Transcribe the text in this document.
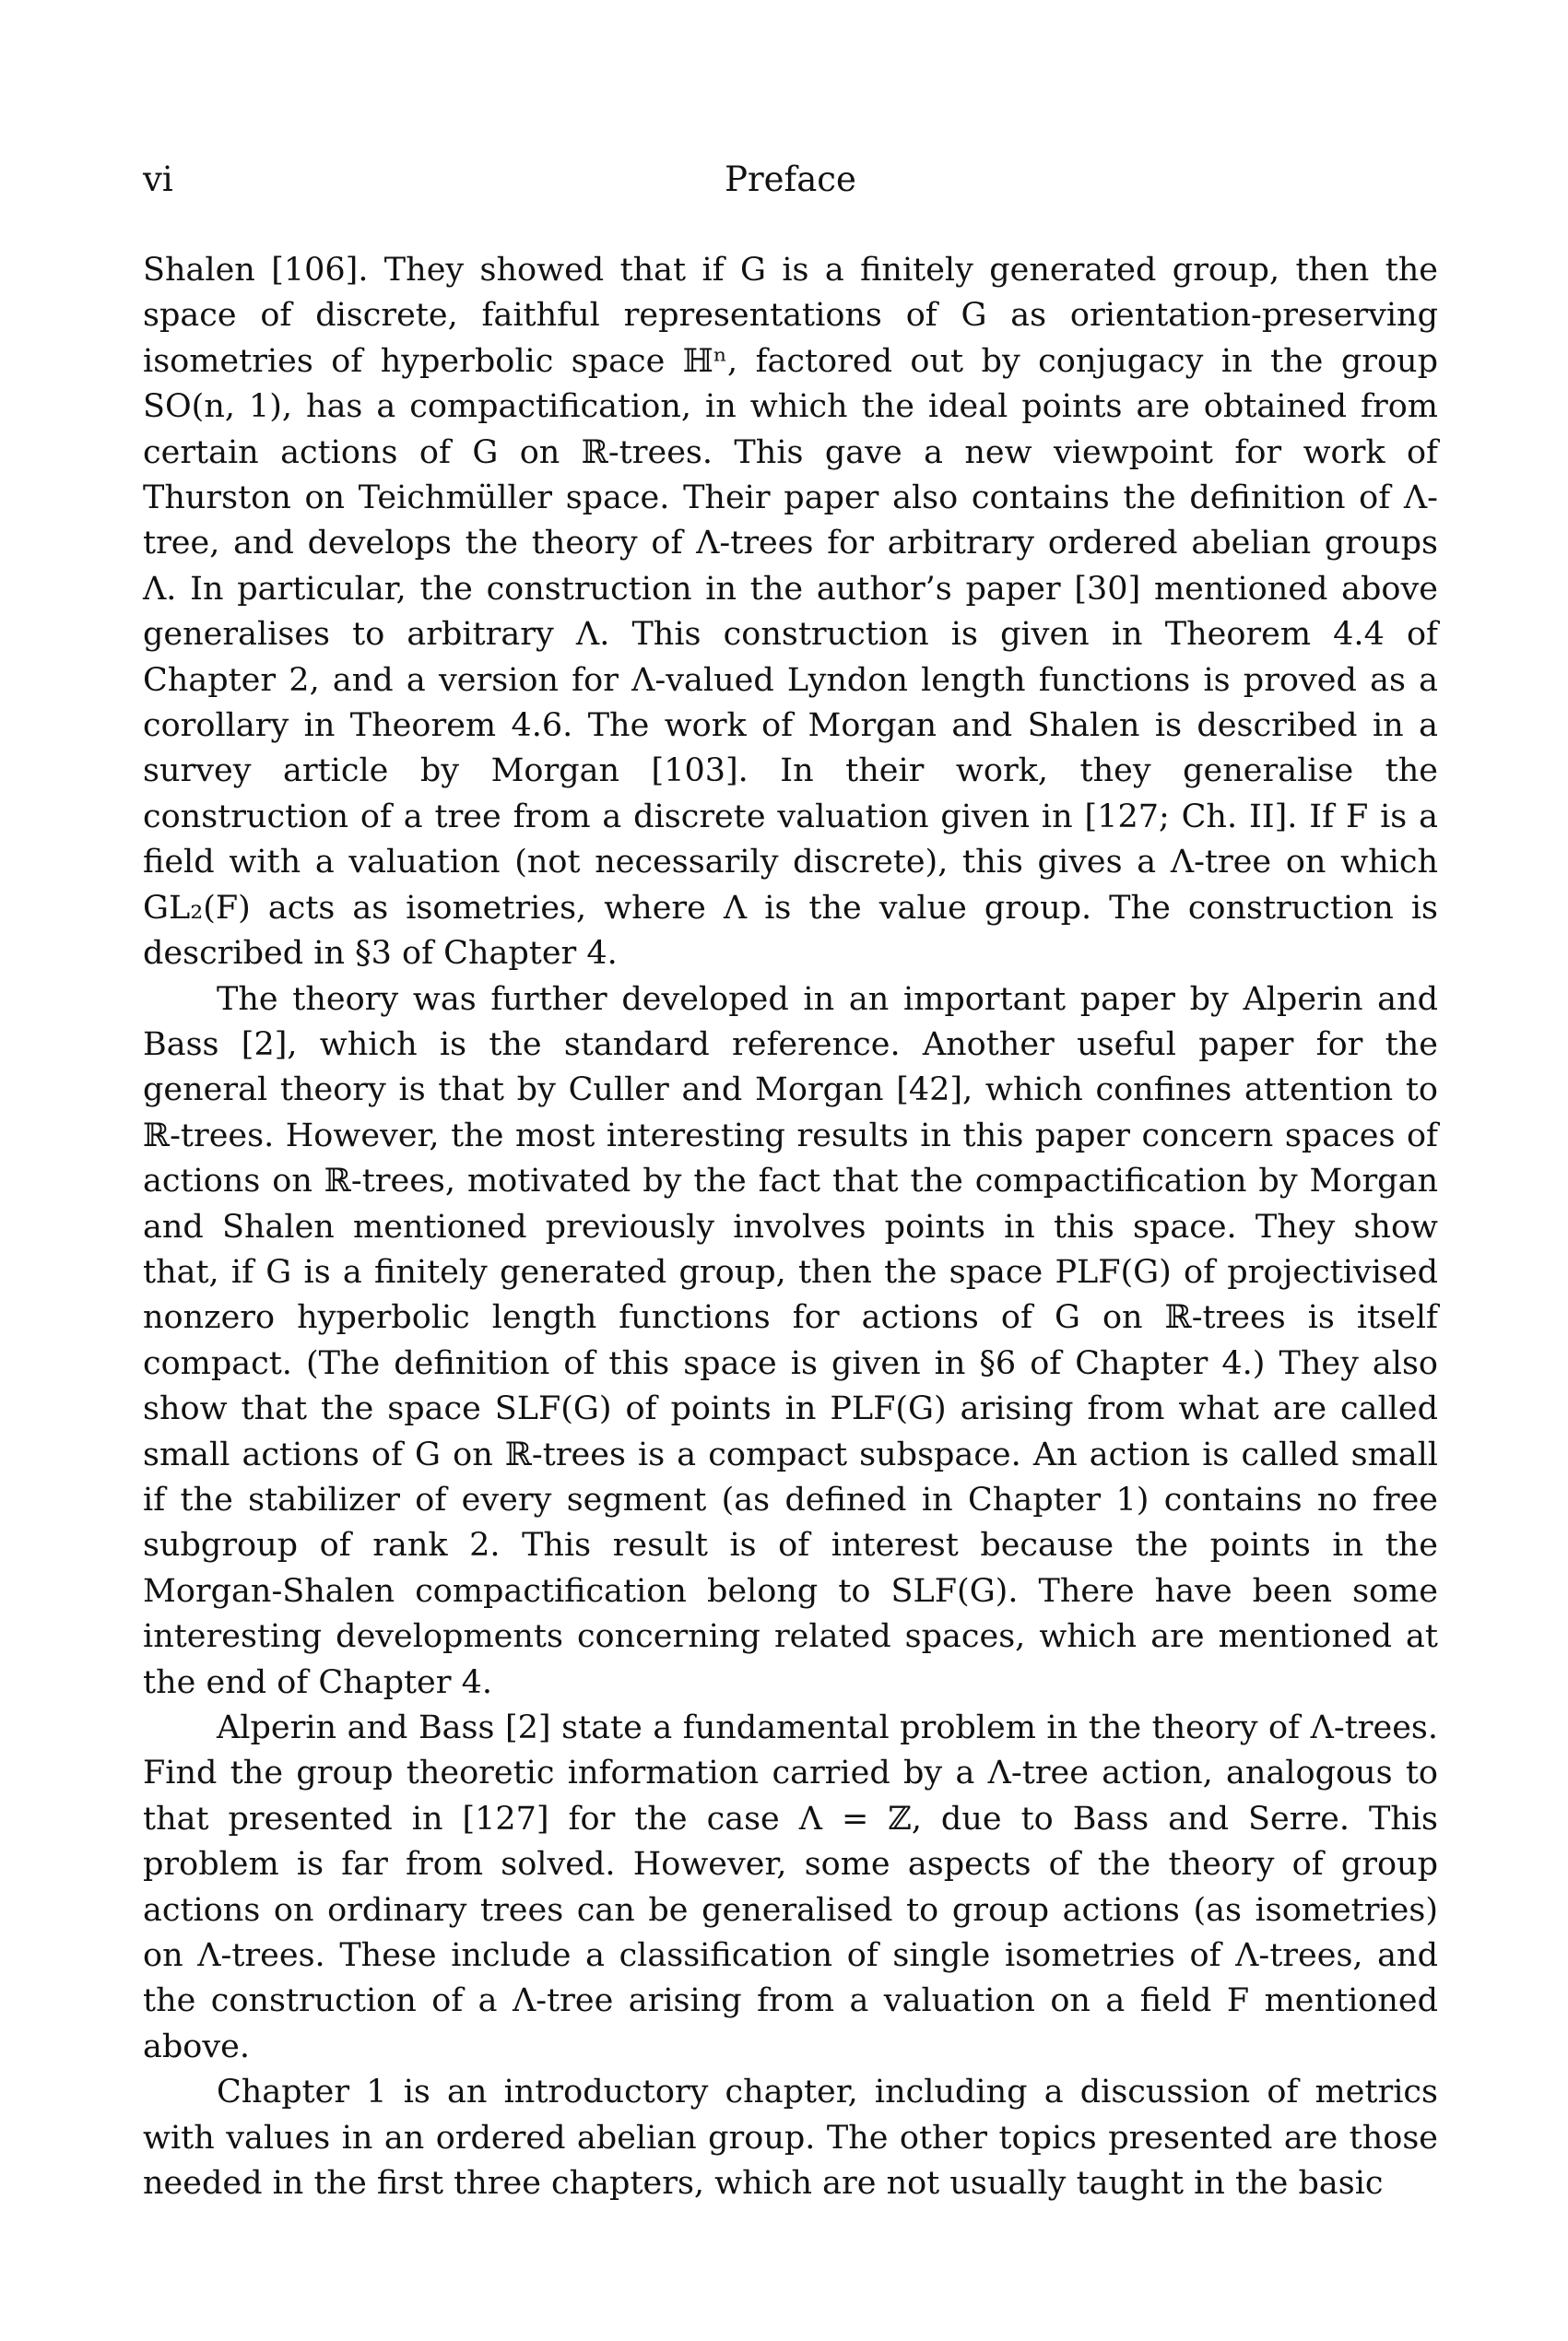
vi	Preface

Shalen [106]. They showed that if G is a finitely generated group, then the space of discrete, faithful representations of G as orientation-preserving isometries of hyperbolic space ℍⁿ, factored out by conjugacy in the group SO(n, 1), has a compactification, in which the ideal points are obtained from certain actions of G on ℝ-trees. This gave a new viewpoint for work of Thurston on Teichmüller space. Their paper also contains the definition of Λ-tree, and develops the theory of Λ-trees for arbitrary ordered abelian groups Λ. In particular, the construction in the author’s paper [30] mentioned above generalises to arbitrary Λ. This construction is given in Theorem 4.4 of Chapter 2, and a version for Λ-valued Lyndon length functions is proved as a corollary in Theorem 4.6. The work of Morgan and Shalen is described in a survey article by Morgan [103]. In their work, they generalise the construction of a tree from a discrete valuation given in [127; Ch. II]. If F is a field with a valuation (not necessarily discrete), this gives a Λ-tree on which GL₂(F) acts as isometries, where Λ is the value group. The construction is described in §3 of Chapter 4.

The theory was further developed in an important paper by Alperin and Bass [2], which is the standard reference. Another useful paper for the general theory is that by Culler and Morgan [42], which confines attention to ℝ-trees. However, the most interesting results in this paper concern spaces of actions on ℝ-trees, motivated by the fact that the compactification by Morgan and Shalen mentioned previously involves points in this space. They show that, if G is a finitely generated group, then the space PLF(G) of projectivised nonzero hyperbolic length functions for actions of G on ℝ-trees is itself compact. (The definition of this space is given in §6 of Chapter 4.) They also show that the space SLF(G) of points in PLF(G) arising from what are called small actions of G on ℝ-trees is a compact subspace. An action is called small if the stabilizer of every segment (as defined in Chapter 1) contains no free subgroup of rank 2. This result is of interest because the points in the Morgan-Shalen compactification belong to SLF(G). There have been some interesting developments concerning related spaces, which are mentioned at the end of Chapter 4.

Alperin and Bass [2] state a fundamental problem in the theory of Λ-trees. Find the group theoretic information carried by a Λ-tree action, analogous to that presented in [127] for the case Λ = ℤ, due to Bass and Serre. This problem is far from solved. However, some aspects of the theory of group actions on ordinary trees can be generalised to group actions (as isometries) on Λ-trees. These include a classification of single isometries of Λ-trees, and the construction of a Λ-tree arising from a valuation on a field F mentioned above.

Chapter 1 is an introductory chapter, including a discussion of metrics with values in an ordered abelian group. The other topics presented are those needed in the first three chapters, which are not usually taught in the basic
